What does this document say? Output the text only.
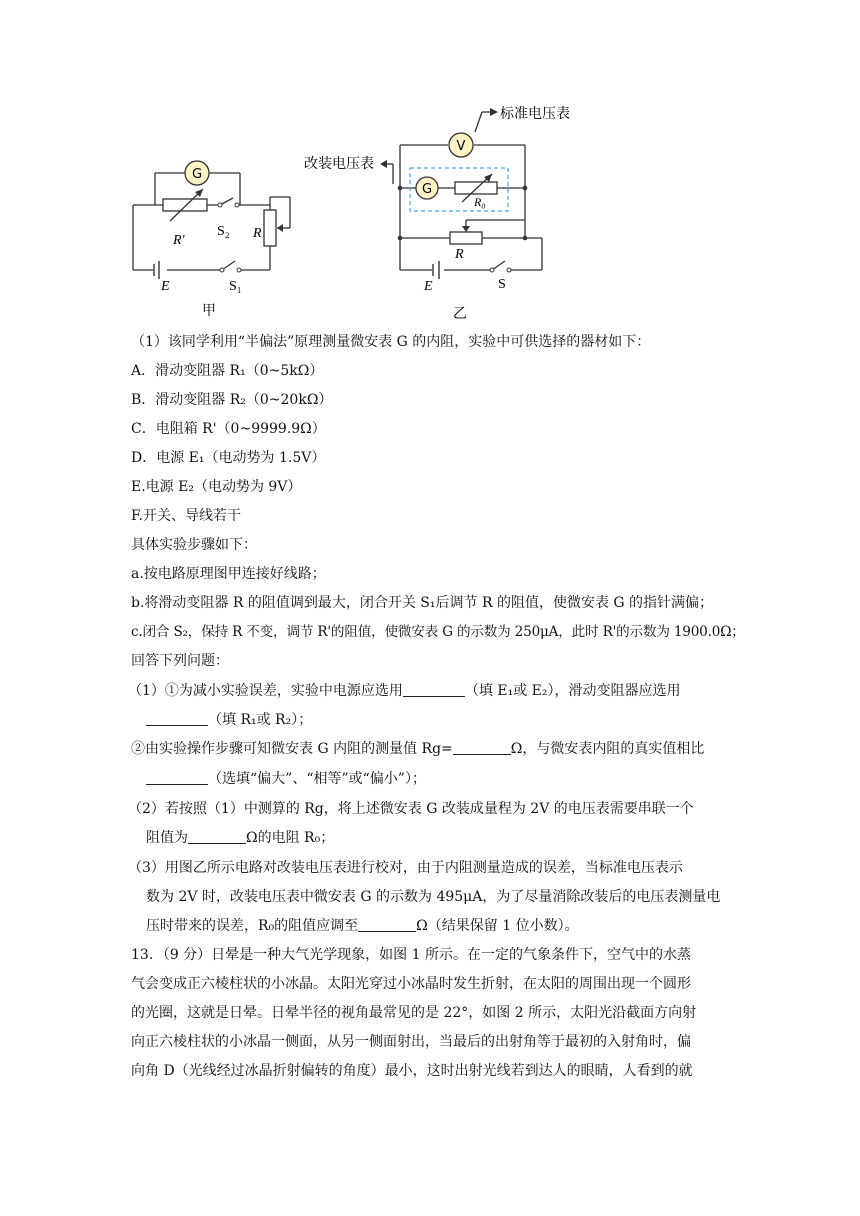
G
R'
S₂ R
E	S₁
甲
V
G
R₀
R
E	S
标准电压表
改装电压表
乙
（1）该同学利用“半偏法”原理测量微安表 G 的内阻，实验中可供选择的器材如下：
A．滑动变阻器 R₁（0~5kΩ）
B．滑动变阻器 R₂（0~20kΩ）
C．电阻箱 R'（0~9999.9Ω）
D．电源 E₁（电动势为 1.5V）
E.电源 E₂（电动势为 9V）
F.开关、导线若干
具体实验步骤如下：
a.按电路原理图甲连接好线路；
b.将滑动变阻器 R 的阻值调到最大，闭合开关 S₁后调节 R 的阻值，使微安表 G 的指针满偏；
c.闭合 S₂，保持 R 不变，调节 R'的阻值，使微安表 G 的示数为 250μA，此时 R'的示数为 1900.0Ω；
回答下列问题：
（1）①为减小实验误差，实验中电源应选用	（填 E₁或 E₂），滑动变阻器应选用
（填 R₁或 R₂）；
②由实验操作步骤可知微安表 G 内阻的测量值 Rg=	Ω，与微安表内阻的真实值相比
（选填“偏大”、“相等”或“偏小”）；
（2）若按照（1）中测算的 Rg，将上述微安表 G 改装成量程为 2V 的电压表需要串联一个
阻值为	Ω的电阻 R₀；
（3）用图乙所示电路对改装电压表进行校对，由于内阻测量造成的误差，当标准电压表示
数为 2V 时，改装电压表中微安表 G 的示数为 495μA，为了尽量消除改装后的电压表测量电
压时带来的误差，R₀的阻值应调至	Ω（结果保留 1 位小数）。
13．（9 分）日晕是一种大气光学现象，如图 1 所示。在一定的气象条件下，空气中的水蒸
气会变成正六棱柱状的小冰晶。太阳光穿过小冰晶时发生折射，在太阳的周围出现一个圆形
的光圈，这就是日晕。日晕半径的视角最常见的是 22°，如图 2 所示，太阳光沿截面方向射
向正六棱柱状的小冰晶一侧面，从另一侧面射出，当最后的出射角等于最初的入射角时，偏
向角 D（光线经过冰晶折射偏转的角度）最小，这时出射光线若到达人的眼睛，人看到的就
